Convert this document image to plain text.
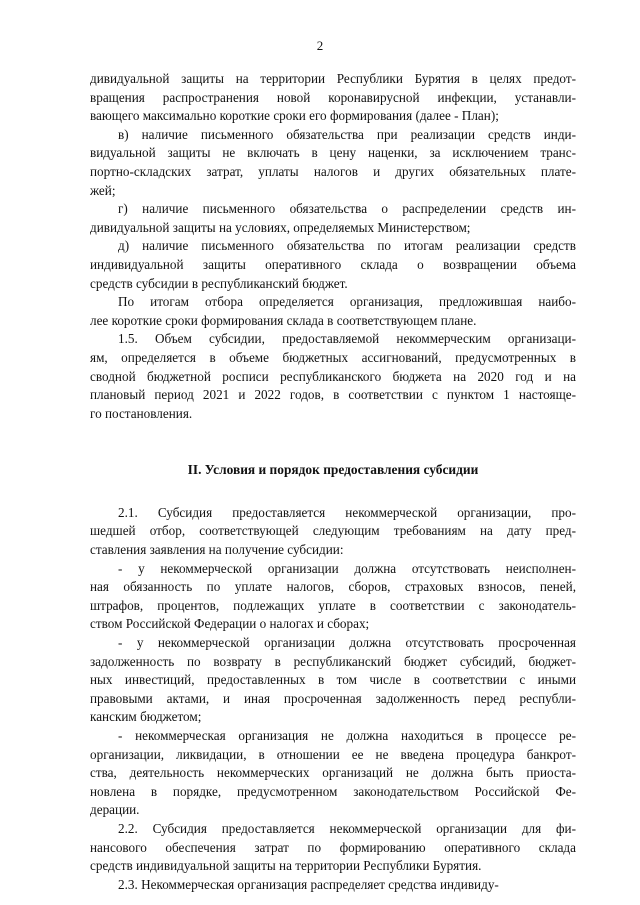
2
дивидуальной защиты на территории Республики Бурятия в целях предот-
вращения распространения новой коронавирусной инфекции, устанавли-
вающего максимально короткие сроки его формирования (далее - План);
в) наличие письменного обязательства при реализации средств инди-
видуальной защиты не включать в цену наценки, за исключением транс-
портно-складских затрат, уплаты налогов и других обязательных плате-
жей;
г) наличие письменного обязательства о распределении средств ин-
дивидуальной защиты на условиях, определяемых Министерством;
д) наличие письменного обязательства по итогам реализации средств
индивидуальной защиты оперативного склада о возвращении объема
средств субсидии в республиканский бюджет.
По итогам отбора определяется организация, предложившая наибо-
лее короткие сроки формирования склада в соответствующем плане.
1.5. Объем субсидии, предоставляемой некоммерческим организаци-
ям, определяется в объеме бюджетных ассигнований, предусмотренных в
сводной бюджетной росписи республиканского бюджета на 2020 год и на
плановый период 2021 и 2022 годов, в соответствии с пунктом 1 настояще-
го постановления.
II. Условия и порядок предоставления субсидии
2.1. Субсидия предоставляется некоммерческой организации, про-
шедшей отбор, соответствующей следующим требованиям на дату пред-
ставления заявления на получение субсидии:
- у некоммерческой организации должна отсутствовать неисполнен-
ная обязанность по уплате налогов, сборов, страховых взносов, пеней,
штрафов, процентов, подлежащих уплате в соответствии с законодатель-
ством Российской Федерации о налогах и сборах;
- у некоммерческой организации должна отсутствовать просроченная
задолженность по возврату в республиканский бюджет субсидий, бюджет-
ных инвестиций, предоставленных в том числе в соответствии с иными
правовыми актами, и иная просроченная задолженность перед республи-
канским бюджетом;
- некоммерческая организация не должна находиться в процессе ре-
организации, ликвидации, в отношении ее не введена процедура банкрот-
ства, деятельность некоммерческих организаций не должна быть приоста-
новлена в порядке, предусмотренном законодательством Российской Фе-
дерации.
2.2. Субсидия предоставляется некоммерческой организации для фи-
нансового обеспечения затрат по формированию оперативного склада
средств индивидуальной защиты на территории Республики Бурятия.
2.3. Некоммерческая организация распределяет средства индивиду-
